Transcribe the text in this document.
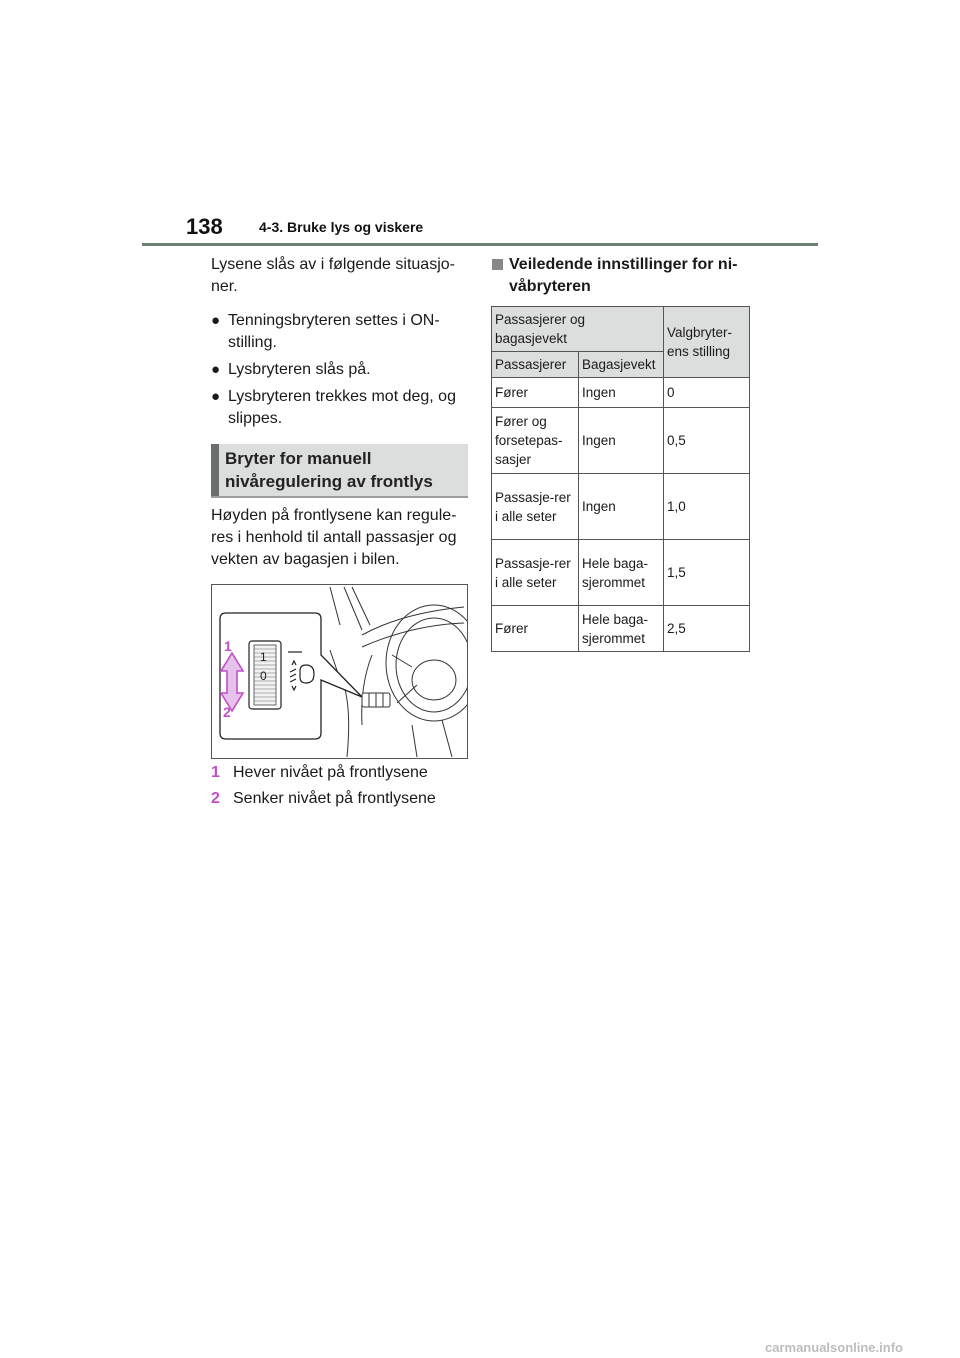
138	4-3. Bruke lys og viskere

Lysene slås av i følgende situasjo-ner.

● Tenningsbryteren settes i ON-stilling.
● Lysbryteren slås på.
● Lysbryteren trekkes mot deg, og slippes.
Bryter for manuell nivåregulering av frontlys

Høyden på frontlysene kan regule-res i henhold til antall passasjer og vekten av bagasjen i bilen.

1
0
1
2
1 Hever nivået på frontlysene
2 Senker nivået på frontlysene

Veiledende innstillinger for ni-våbryteren

Passasjerer og bagasjevekt		Valgbryter-ens stilling
Passasjerer	Bagasjevekt	
Fører	Ingen	0
Fører og forsetepas-sasjer	Ingen	0,5
Passasje-rer i alle seter	Ingen	1,0
Passasje-rer i alle seter	Hele baga-sjerommet	1,5
Fører	Hele baga-sjerommet	2,5
carmanualsonline.info
